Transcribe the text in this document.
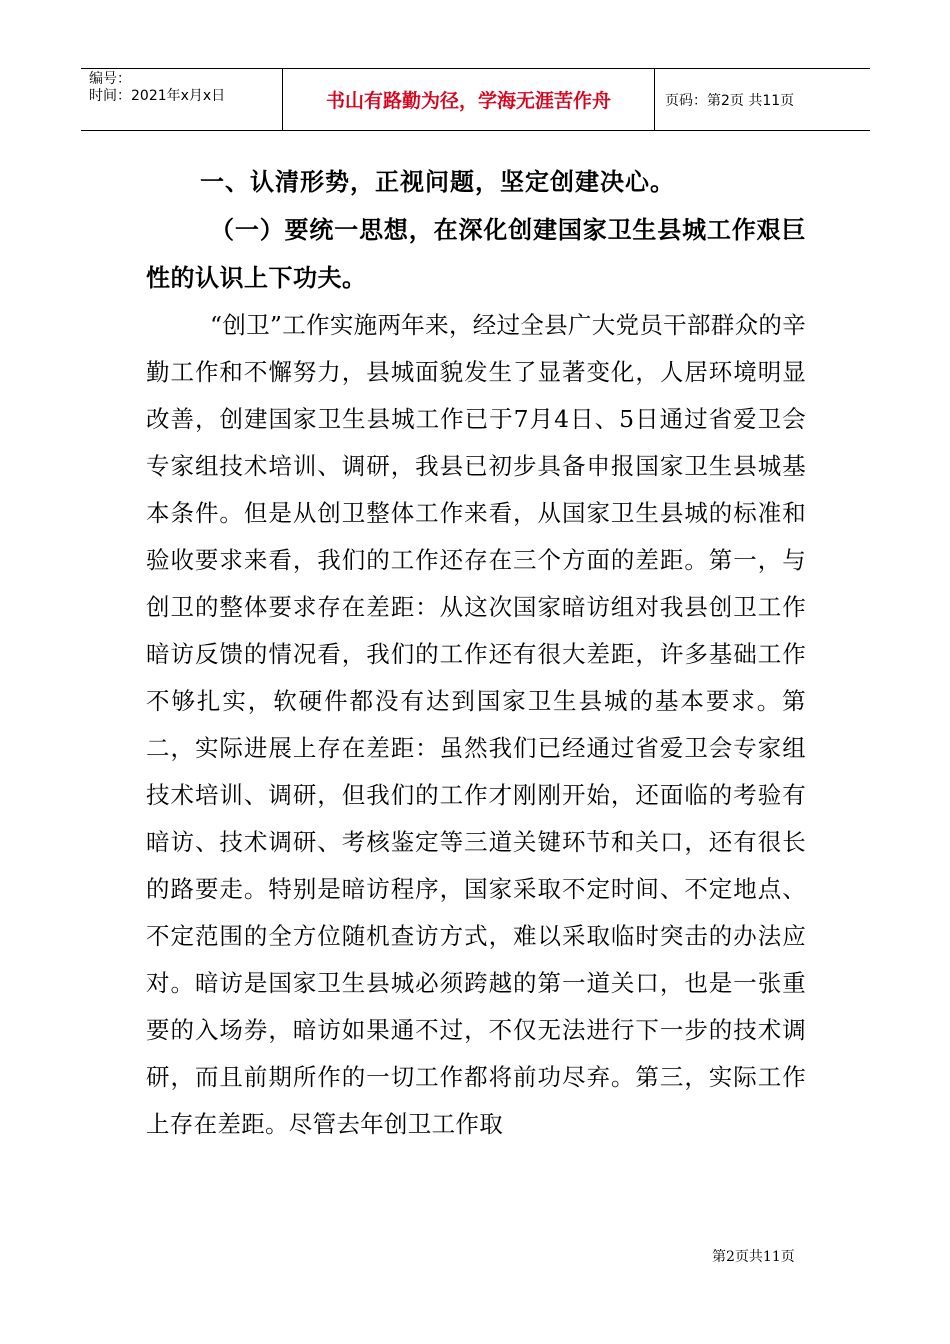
编号：
时间：2021年x月x日	书山有路勤为径，学海无涯苦作舟	页码：第2页 共11页

一、认清形势，正视问题，坚定创建决心。

（一）要统一思想，在深化创建国家卫生县城工作艰巨性的认识上下功夫。

“创卫”工作实施两年来，经过全县广大党员干部群众的辛勤工作和不懈努力，县城面貌发生了显著变化，人居环境明显改善，创建国家卫生县城工作已于7月4日、5日通过省爱卫会专家组技术培训、调研，我县已初步具备申报国家卫生县城基本条件。但是从创卫整体工作来看，从国家卫生县城的标准和验收要求来看，我们的工作还存在三个方面的差距。第一，与创卫的整体要求存在差距：从这次国家暗访组对我县创卫工作暗访反馈的情况看，我们的工作还有很大差距，许多基础工作不够扎实，软硬件都没有达到国家卫生县城的基本要求。第二，实际进展上存在差距：虽然我们已经通过省爱卫会专家组技术培训、调研，但我们的工作才刚刚开始，还面临的考验有暗访、技术调研、考核鉴定等三道关键环节和关口，还有很长的路要走。特别是暗访程序，国家采取不定时间、不定地点、不定范围的全方位随机查访方式，难以采取临时突击的办法应对。暗访是国家卫生县城必须跨越的第一道关口，也是一张重要的入场券，暗访如果通不过，不仅无法进行下一步的技术调研，而且前期所作的一切工作都将前功尽弃。第三，实际工作上存在差距。尽管去年创卫工作取

第2页共11页
